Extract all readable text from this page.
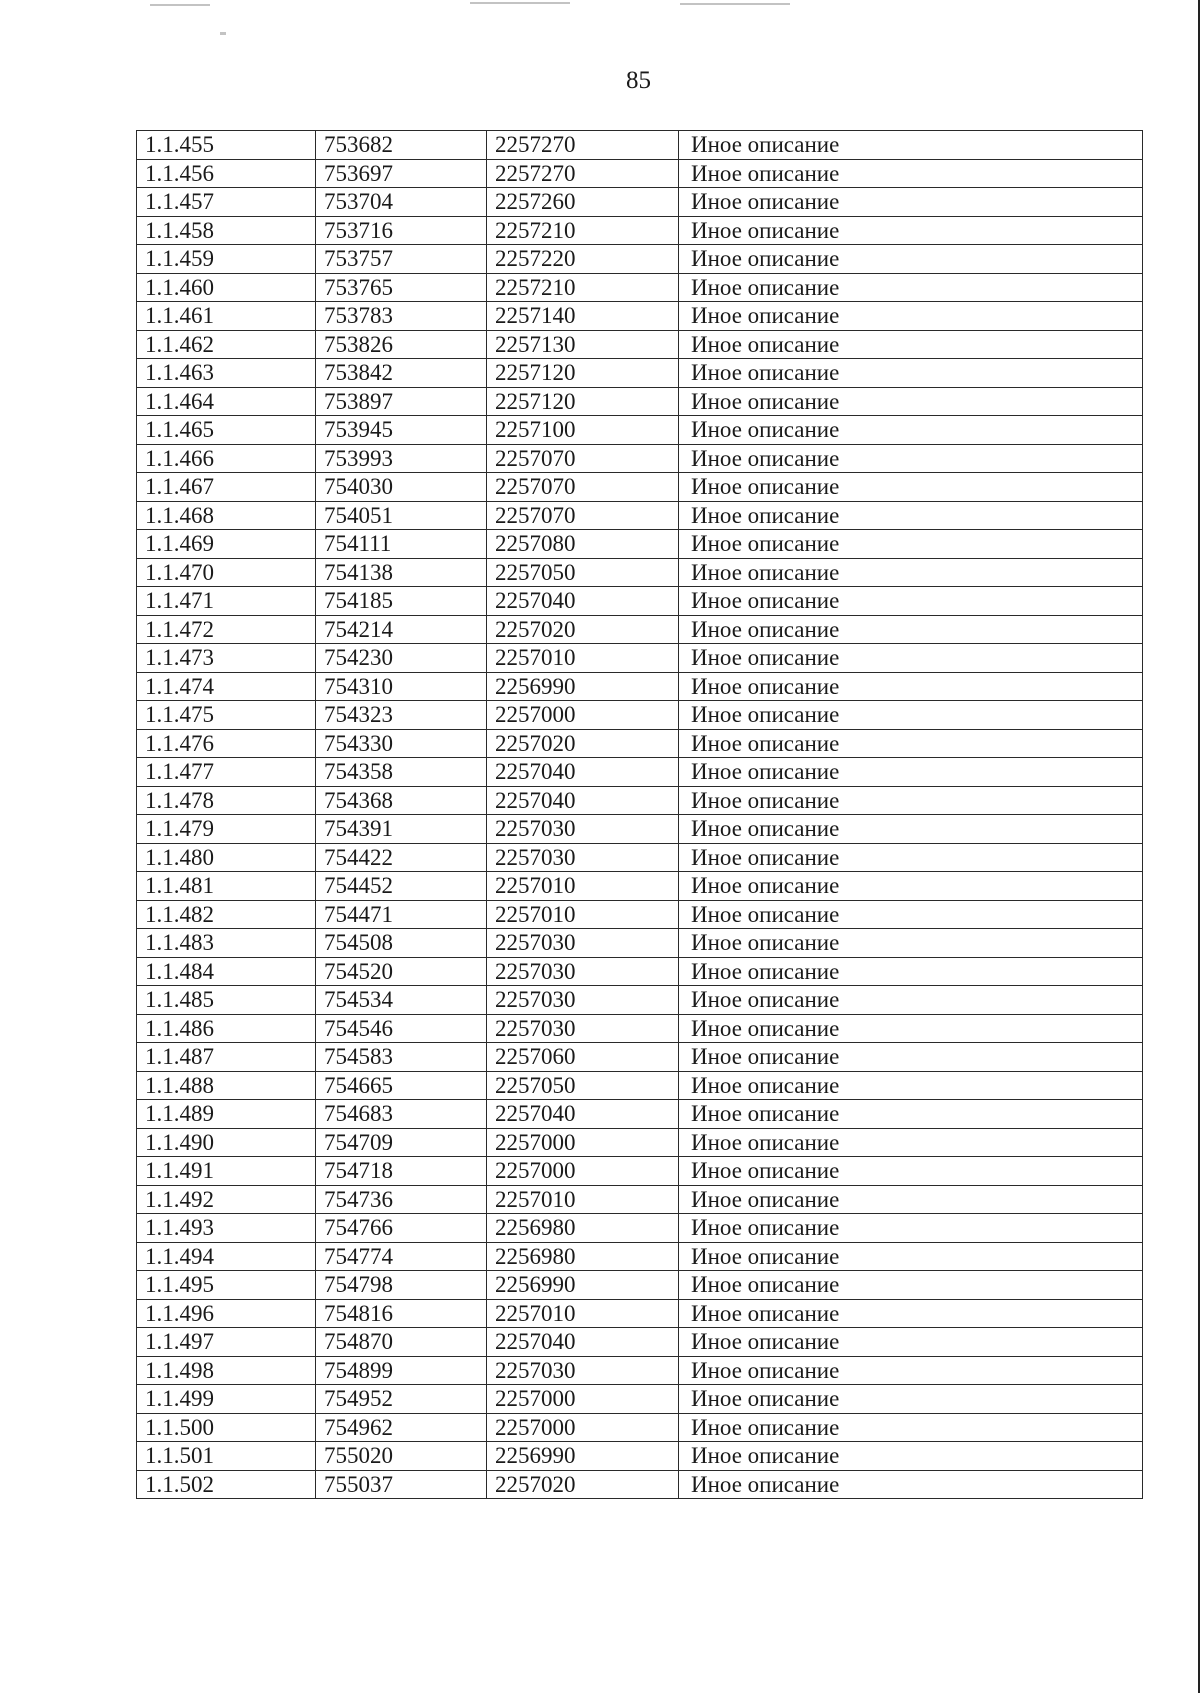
85
1.1.455	753682	2257270	Иное описание
1.1.456	753697	2257270	Иное описание
1.1.457	753704	2257260	Иное описание
1.1.458	753716	2257210	Иное описание
1.1.459	753757	2257220	Иное описание
1.1.460	753765	2257210	Иное описание
1.1.461	753783	2257140	Иное описание
1.1.462	753826	2257130	Иное описание
1.1.463	753842	2257120	Иное описание
1.1.464	753897	2257120	Иное описание
1.1.465	753945	2257100	Иное описание
1.1.466	753993	2257070	Иное описание
1.1.467	754030	2257070	Иное описание
1.1.468	754051	2257070	Иное описание
1.1.469	754111	2257080	Иное описание
1.1.470	754138	2257050	Иное описание
1.1.471	754185	2257040	Иное описание
1.1.472	754214	2257020	Иное описание
1.1.473	754230	2257010	Иное описание
1.1.474	754310	2256990	Иное описание
1.1.475	754323	2257000	Иное описание
1.1.476	754330	2257020	Иное описание
1.1.477	754358	2257040	Иное описание
1.1.478	754368	2257040	Иное описание
1.1.479	754391	2257030	Иное описание
1.1.480	754422	2257030	Иное описание
1.1.481	754452	2257010	Иное описание
1.1.482	754471	2257010	Иное описание
1.1.483	754508	2257030	Иное описание
1.1.484	754520	2257030	Иное описание
1.1.485	754534	2257030	Иное описание
1.1.486	754546	2257030	Иное описание
1.1.487	754583	2257060	Иное описание
1.1.488	754665	2257050	Иное описание
1.1.489	754683	2257040	Иное описание
1.1.490	754709	2257000	Иное описание
1.1.491	754718	2257000	Иное описание
1.1.492	754736	2257010	Иное описание
1.1.493	754766	2256980	Иное описание
1.1.494	754774	2256980	Иное описание
1.1.495	754798	2256990	Иное описание
1.1.496	754816	2257010	Иное описание
1.1.497	754870	2257040	Иное описание
1.1.498	754899	2257030	Иное описание
1.1.499	754952	2257000	Иное описание
1.1.500	754962	2257000	Иное описание
1.1.501	755020	2256990	Иное описание
1.1.502	755037	2257020	Иное описание
